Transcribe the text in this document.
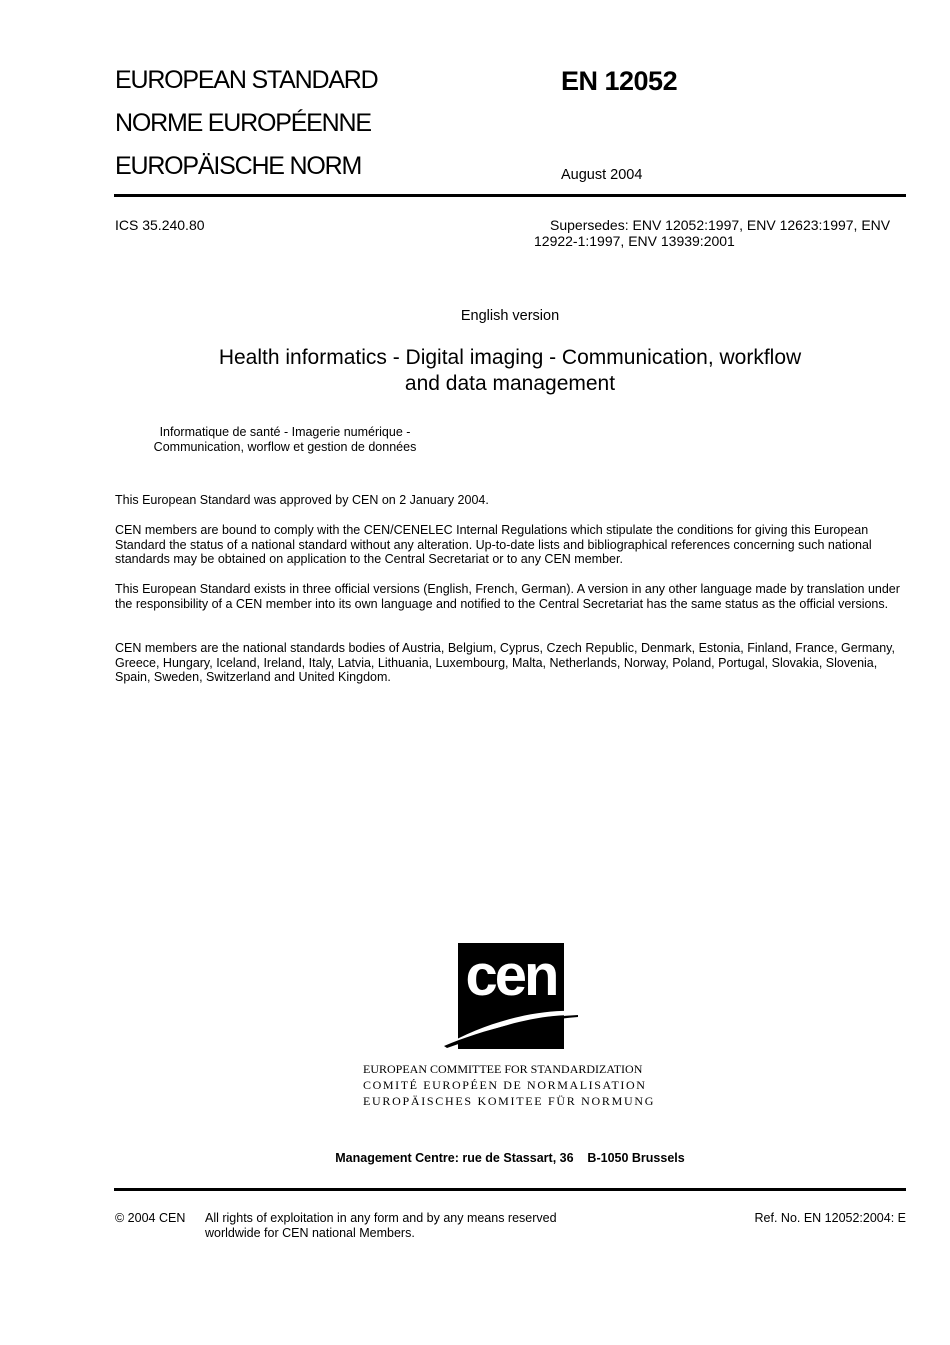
EUROPEAN STANDARD
NORME EUROPÉENNE
EUROPÄISCHE NORM
EN 12052
August 2004
ICS 35.240.80	Supersedes: ENV 12052:1997, ENV 12623:1997, ENV
12922-1:1997, ENV 13939:2001
English version
Health informatics - Digital imaging - Communication, workflow
and data management
Informatique de santé - Imagerie numérique -
Communication, worflow et gestion de données
This European Standard was approved by CEN on 2 January 2004.
CEN members are bound to comply with the CEN/CENELEC Internal Regulations which stipulate the conditions for giving this European Standard the status of a national standard without any alteration. Up-to-date lists and bibliographical references concerning such national standards may be obtained on application to the Central Secretariat or to any CEN member.
This European Standard exists in three official versions (English, French, German). A version in any other language made by translation under the responsibility of a CEN member into its own language and notified to the Central Secretariat has the same status as the official versions.
CEN members are the national standards bodies of Austria, Belgium, Cyprus, Czech Republic, Denmark, Estonia, Finland, France, Germany, Greece, Hungary, Iceland, Ireland, Italy, Latvia, Lithuania, Luxembourg, Malta, Netherlands, Norway, Poland, Portugal, Slovakia, Slovenia, Spain, Sweden, Switzerland and United Kingdom.
cen
EUROPEAN COMMITTEE FOR STANDARDIZATION
COMITÉ EUROPÉEN DE NORMALISATION
EUROPÄISCHES KOMITEE FÜR NORMUNG
Management Centre: rue de Stassart, 36    B-1050 Brussels
© 2004 CEN All rights of exploitation in any form and by any means reserved
worldwide for CEN national Members.
Ref. No. EN 12052:2004: E
